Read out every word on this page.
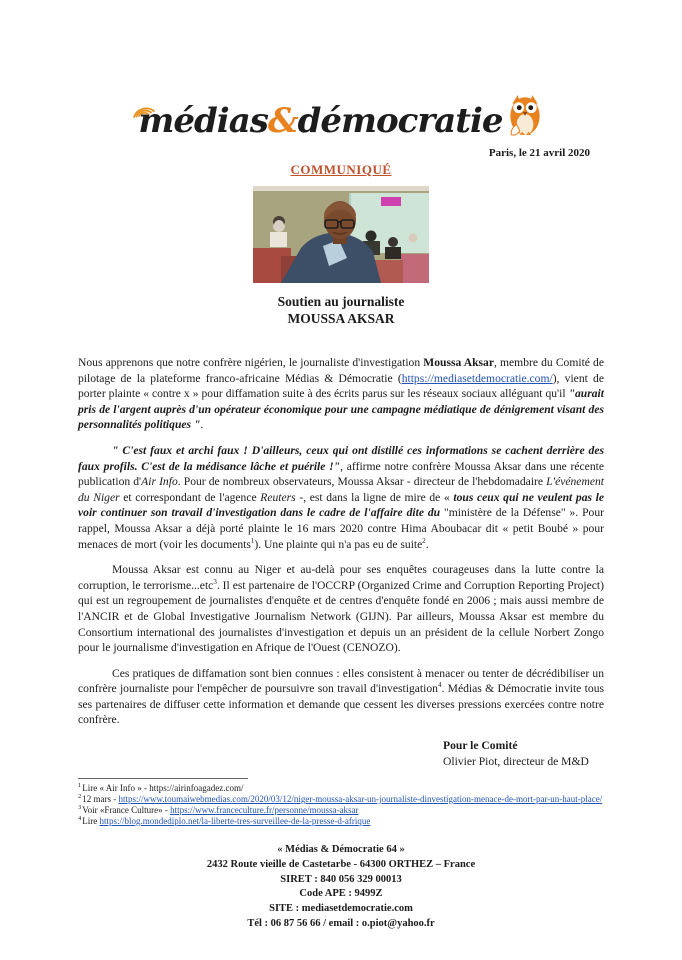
médias&démocratie
Paris, le 21 avril 2020
COMMUNIQUÉ
Soutien au journaliste
MOUSSA AKSAR

Nous apprenons que notre confrère nigérien, le journaliste d'investigation Moussa Aksar, membre du Comité de pilotage de la plateforme franco-africaine Médias & Démocratie (https://mediasetdemocratie.com/), vient de porter plainte « contre x » pour diffamation suite à des écrits parus sur les réseaux sociaux alléguant qu'il "aurait pris de l'argent auprès d'un opérateur économique pour une campagne médiatique de dénigrement visant des personnalités politiques ".

" C'est faux et archi faux ! D'ailleurs, ceux qui ont distillé ces informations se cachent derrière des faux profils. C'est de la médisance lâche et puérile !", affirme notre confrère Moussa Aksar dans une récente publication d'Air Info. Pour de nombreux observateurs, Moussa Aksar - directeur de l'hebdomadaire L'événement du Niger et correspondant de l'agence Reuters -, est dans la ligne de mire de « tous ceux qui ne veulent pas le voir continuer son travail d'investigation dans le cadre de l'affaire dite du "ministère de la Défense" ». Pour rappel, Moussa Aksar a déjà porté plainte le 16 mars 2020 contre Hima Aboubacar dit « petit Boubé » pour menaces de mort (voir les documents$^1$). Une plainte qui n'a pas eu de suite$^2$.

Moussa Aksar est connu au Niger et au-delà pour ses enquêtes courageuses dans la lutte contre la corruption, le terrorisme...etc$^3$. Il est partenaire de l'OCCRP (Organized Crime and Corruption Reporting Project) qui est un regroupement de journalistes d'enquête et de centres d'enquête fondé en 2006 ; mais aussi membre de l'ANCIR et de Global Investigative Journalism Network (GIJN). Par ailleurs, Moussa Aksar est membre du Consortium international des journalistes d'investigation et depuis un an président de la cellule Norbert Zongo pour le journalisme d'investigation en Afrique de l'Ouest (CENOZO).

Ces pratiques de diffamation sont bien connues : elles consistent à menacer ou tenter de décrédibiliser un confrère journaliste pour l'empêcher de poursuivre son travail d'investigation$^4$. Médias & Démocratie invite tous ses partenaires de diffuser cette information et demande que cessent les diverses pressions exercées contre notre confrère.

Pour le Comité
Olivier Piot, directeur de M&D
$^1$Lire « Air Info » - https://airinfoagadez.com/
$^2$12 mars - https://www.toumaiwebmedias.com/2020/03/12/niger-moussa-aksar-un-journaliste-dinvestigation-menace-de-mort-par-un-haut-place/
$^3$Voir «France Culture» - https://www.franceculture.fr/personne/moussa-aksar
$^4$Lire https://blog.mondediplo.net/la-liberte-tres-surveillee-de-la-presse-d-afrique
« Médias & Démocratie 64 »
2432 Route vieille de Castetarbe - 64300 ORTHEZ – France
SIRET : 840 056 329 00013
Code APE : 9499Z
SITE : mediasetdemocratie.com
Tél : 06 87 56 66 / email : o.piot@yahoo.fr
